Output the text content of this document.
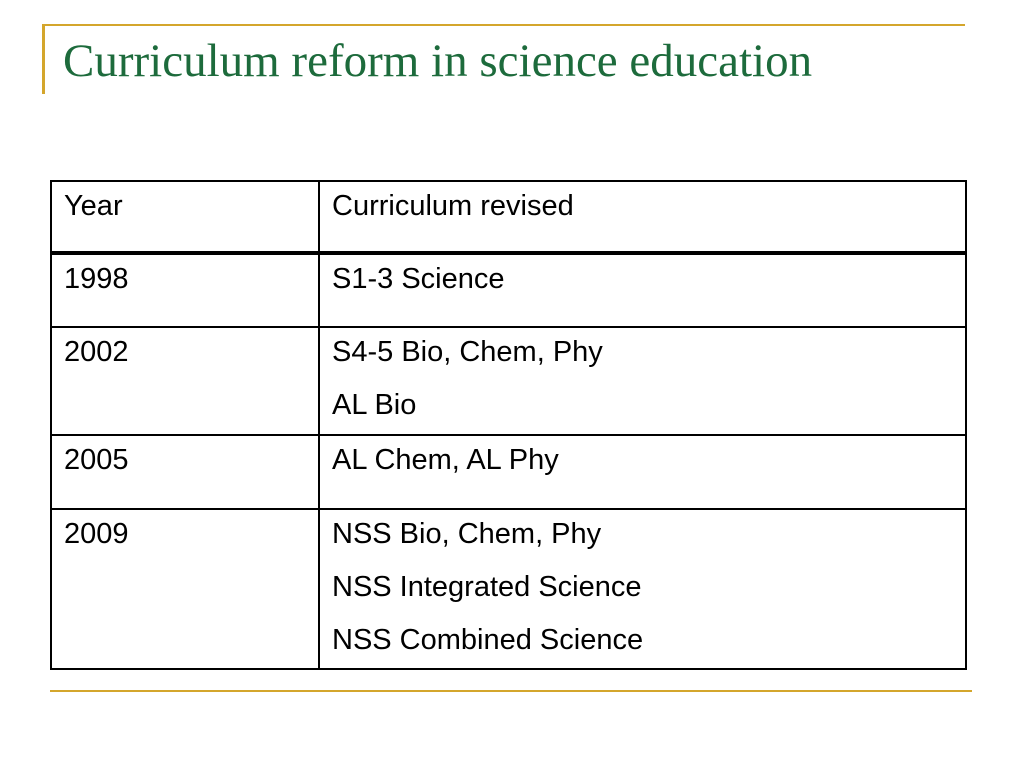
Curriculum reform in science education
Year	Curriculum revised
1998	S1-3 Science

2002	S4-5 Bio, Chem, Phy
AL Bio

2005	AL Chem, AL Phy

2009	NSS Bio, Chem, Phy
NSS Integrated Science
NSS Combined Science
